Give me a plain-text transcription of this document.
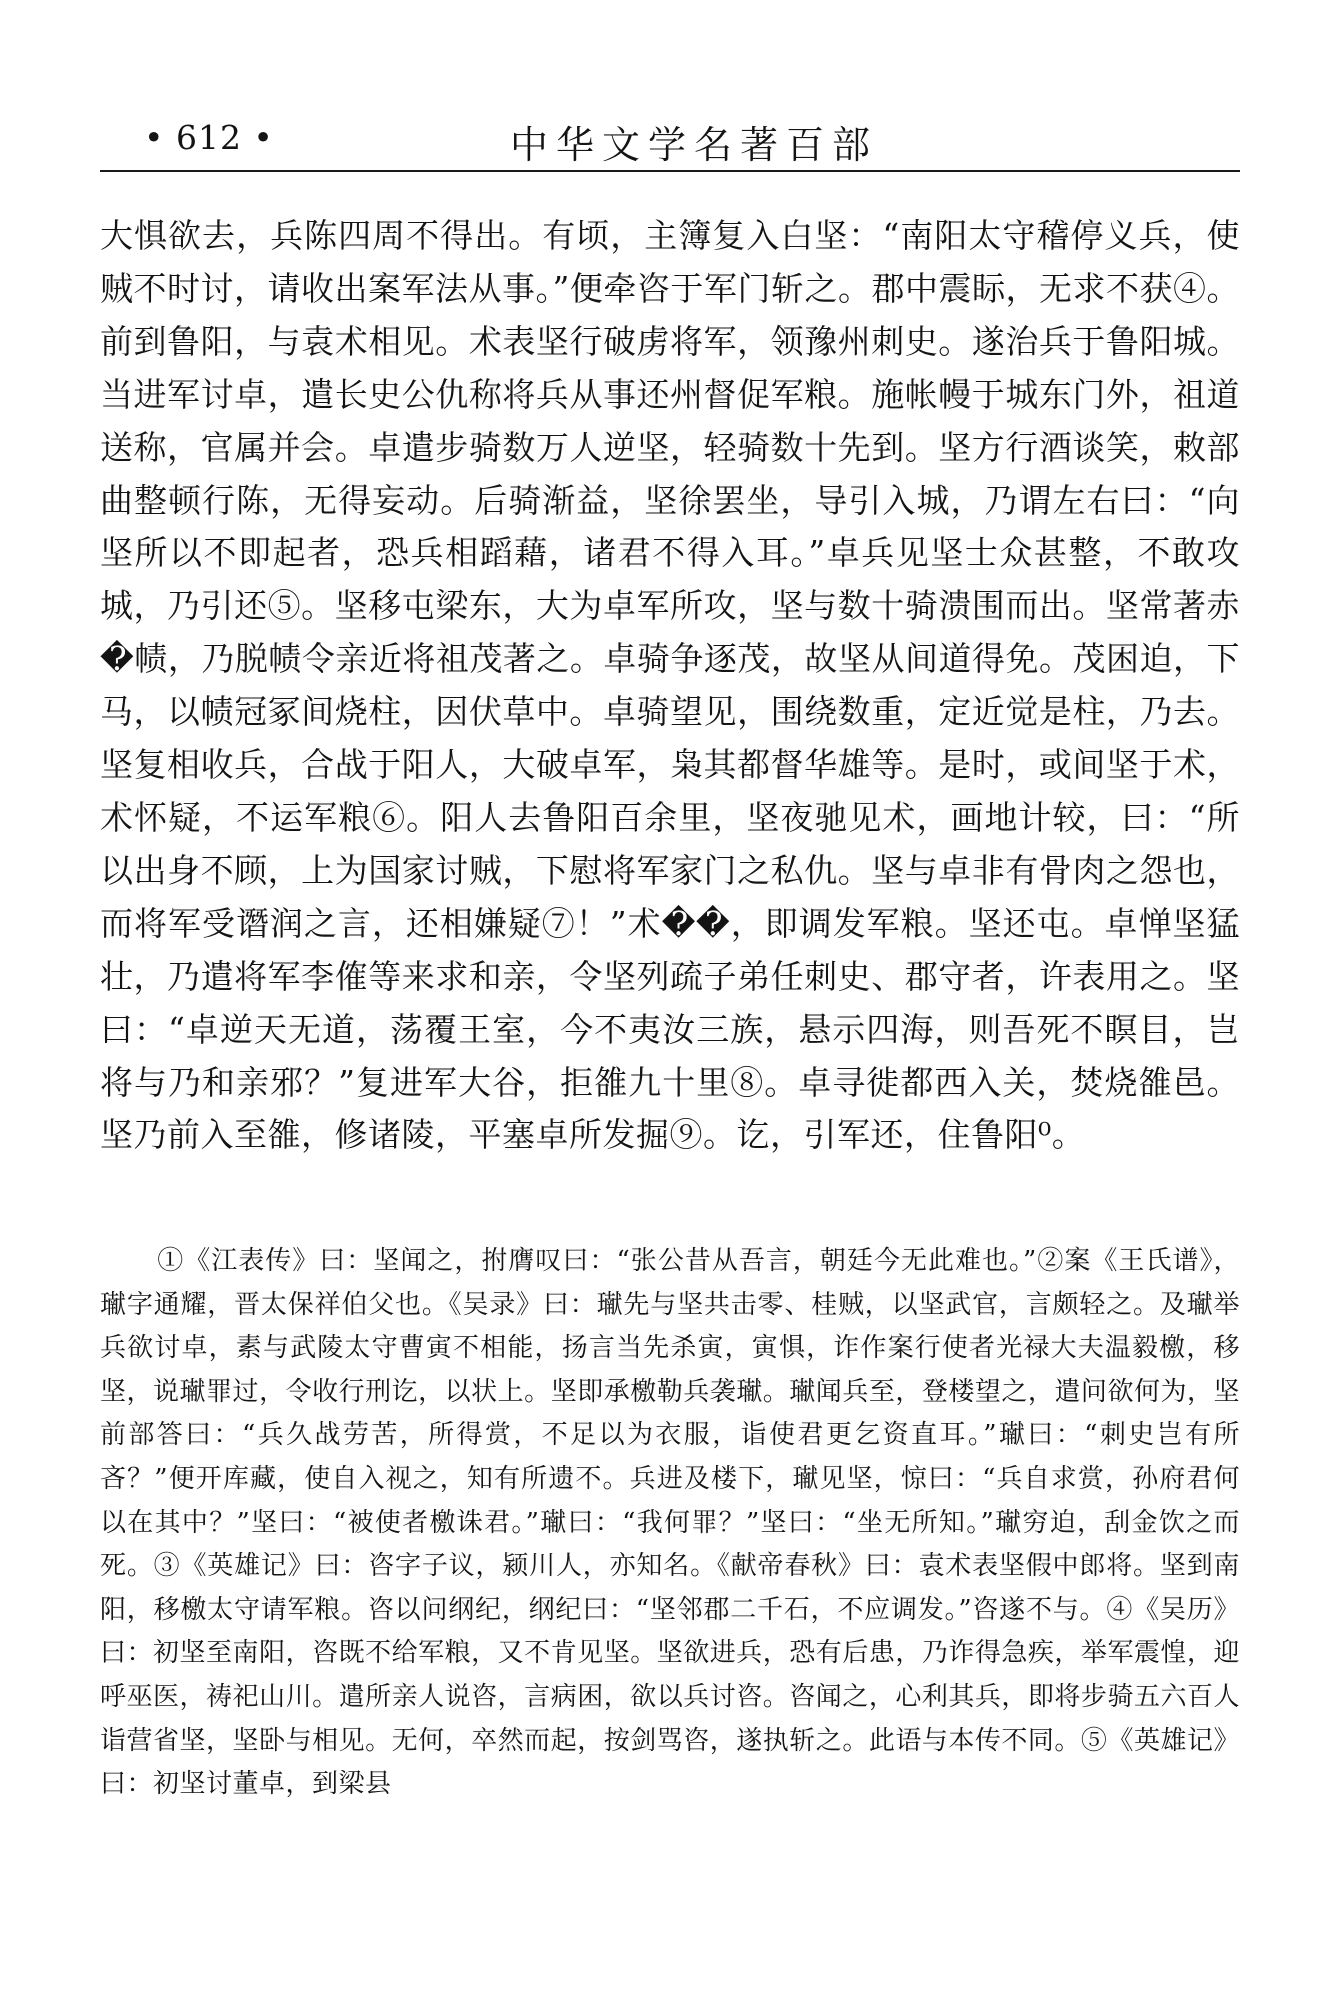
• 612 •	中华文学名著百部

大惧欲去，兵陈四周不得出。有顷，主簿复入白坚：“南阳太守稽停义兵，使贼不时讨，请收出案军法从事。”便牵咨于军门斩之。郡中震眎，无求不获④。前到鲁阳，与袁术相见。术表坚行破虏将军，领豫州刺史。遂治兵于鲁阳城。当进军讨卓，遣长史公仇称将兵从事还州督促军粮。施帐幔于城东门外，祖道送称，官属并会。卓遣步骑数万人逆坚，轻骑数十先到。坚方行酒谈笑，敕部曲整顿行陈，无得妄动。后骑渐益，坚徐罢坐，导引入城，乃谓左右曰：“向坚所以不即起者，恐兵相蹈藉，诸君不得入耳。”卓兵见坚士众甚整，不敢攻城，乃引还⑤。坚移屯梁东，大为卓军所攻，坚与数十骑溃围而出。坚常著赤�帻，乃脱帻令亲近将祖茂著之。卓骑争逐茂，故坚从间道得免。茂困迫，下马，以帻冠冢间烧柱，因伏草中。卓骑望见，围绕数重，定近觉是柱，乃去。坚复相收兵，合战于阳人，大破卓军，枭其都督华雄等。是时，或间坚于术，术怀疑，不运军粮⑥。阳人去鲁阳百余里，坚夜驰见术，画地计较，曰：“所以出身不顾，上为国家讨贼，下慰将军家门之私仇。坚与卓非有骨肉之怨也，而将军受谮润之言，还相嫌疑⑦！”术��，即调发军粮。坚还屯。卓惮坚猛壮，乃遣将军李傕等来求和亲，令坚列疏子弟任刺史、郡守者，许表用之。坚曰：“卓逆天无道，荡覆王室，今不夷汝三族，悬示四海，则吾死不瞑目，岂将与乃和亲邪？”复进军大谷，拒雒九十里⑧。卓寻徙都西入关，焚烧雒邑。坚乃前入至雒，修诸陵，平塞卓所发掘⑨。讫，引军还，住鲁阳⁰。

①《江表传》曰：坚闻之，拊膺叹曰：“张公昔从吾言，朝廷今无此难也。”②案《王氏谱》，𤩽字通耀，晋太保祥伯父也。《吴录》曰：𤩽先与坚共击零、桂贼，以坚武官，言颇轻之。及𤩽举兵欲讨卓，素与武陵太守曹寅不相能，扬言当先杀寅，寅惧，诈作案行使者光禄大夫温毅檄，移坚，说𤩽罪过，令收行刑讫，以状上。坚即承檄勒兵袭𤩽。𤩽闻兵至，登楼望之，遣问欲何为，坚前部答曰：“兵久战劳苦，所得赏，不足以为衣服，诣使君更乞资直耳。”𤩽曰：“刺史岂有所吝？”便开库藏，使自入视之，知有所遗不。兵进及楼下，𤩽见坚，惊曰：“兵自求赏，孙府君何以在其中？”坚曰：“被使者檄诛君。”𤩽曰：“我何罪？”坚曰：“坐无所知。”𤩽穷迫，刮金饮之而死。③《英雄记》曰：咨字子议，颍川人，亦知名。《献帝春秋》曰：袁术表坚假中郎将。坚到南阳，移檄太守请军粮。咨以问纲纪，纲纪曰：“坚邻郡二千石，不应调发。”咨遂不与。④《吴历》曰：初坚至南阳，咨既不给军粮，又不肯见坚。坚欲进兵，恐有后患，乃诈得急疾，举军震惶，迎呼巫医，祷祀山川。遣所亲人说咨，言病困，欲以兵讨咨。咨闻之，心利其兵，即将步骑五六百人诣营省坚，坚卧与相见。无何，卒然而起，按剑骂咨，遂执斩之。此语与本传不同。⑤《英雄记》曰：初坚讨董卓，到梁县
